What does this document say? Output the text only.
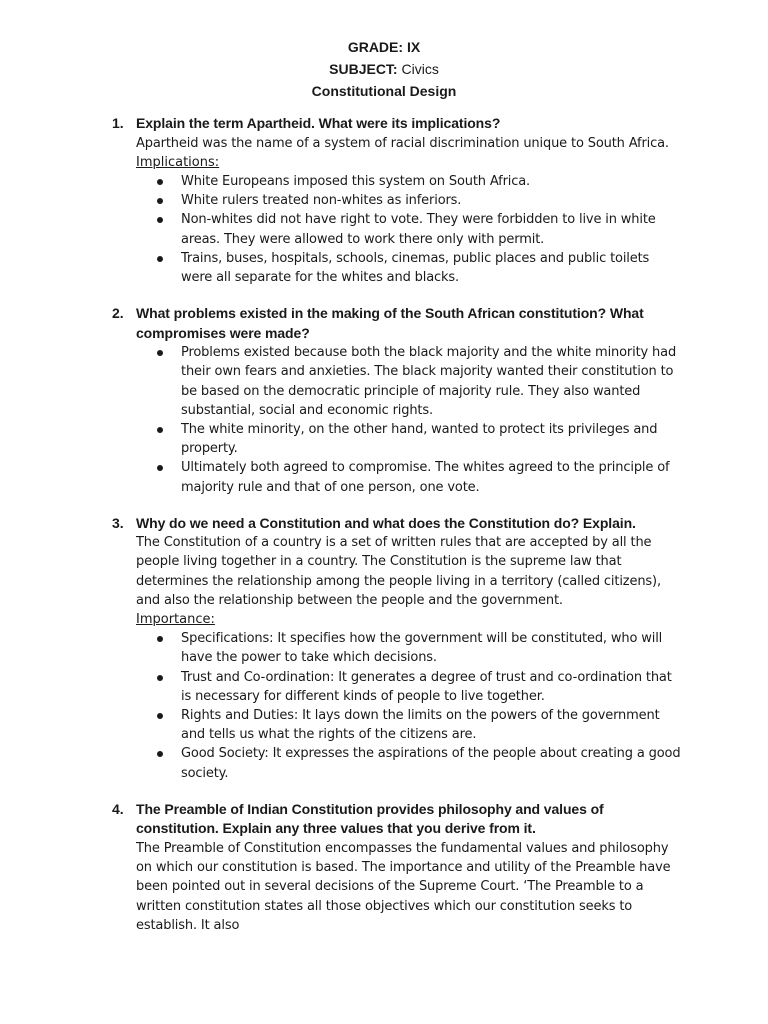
GRADE: IX
SUBJECT: Civics
Constitutional Design
1. Explain the term Apartheid. What were its implications?
Apartheid was the name of a system of racial discrimination unique to South Africa.
Implications:
White Europeans imposed this system on South Africa.
White rulers treated non-whites as inferiors.
Non-whites did not have right to vote. They were forbidden to live in white areas. They were allowed to work there only with permit.
Trains, buses, hospitals, schools, cinemas, public places and public toilets were all separate for the whites and blacks.
2. What problems existed in the making of the South African constitution? What compromises were made?
Problems existed because both the black majority and the white minority had their own fears and anxieties. The black majority wanted their constitution to be based on the democratic principle of majority rule. They also wanted substantial, social and economic rights.
The white minority, on the other hand, wanted to protect its privileges and property.
Ultimately both agreed to compromise. The whites agreed to the principle of majority rule and that of one person, one vote.
3. Why do we need a Constitution and what does the Constitution do? Explain.
The Constitution of a country is a set of written rules that are accepted by all the people living together in a country. The Constitution is the supreme law that determines the relationship among the people living in a territory (called citizens), and also the relationship between the people and the government.
Importance:
Specifications: It specifies how the government will be constituted, who will have the power to take which decisions.
Trust and Co-ordination: It generates a degree of trust and co-ordination that is necessary for different kinds of people to live together.
Rights and Duties: It lays down the limits on the powers of the government and tells us what the rights of the citizens are.
Good Society: It expresses the aspirations of the people about creating a good society.
4. The Preamble of Indian Constitution provides philosophy and values of constitution. Explain any three values that you derive from it.
The Preamble of Constitution encompasses the fundamental values and philosophy on which our constitution is based. The importance and utility of the Preamble have been pointed out in several decisions of the Supreme Court. ‘The Preamble to a written constitution states all those objectives which our constitution seeks to establish. It also
